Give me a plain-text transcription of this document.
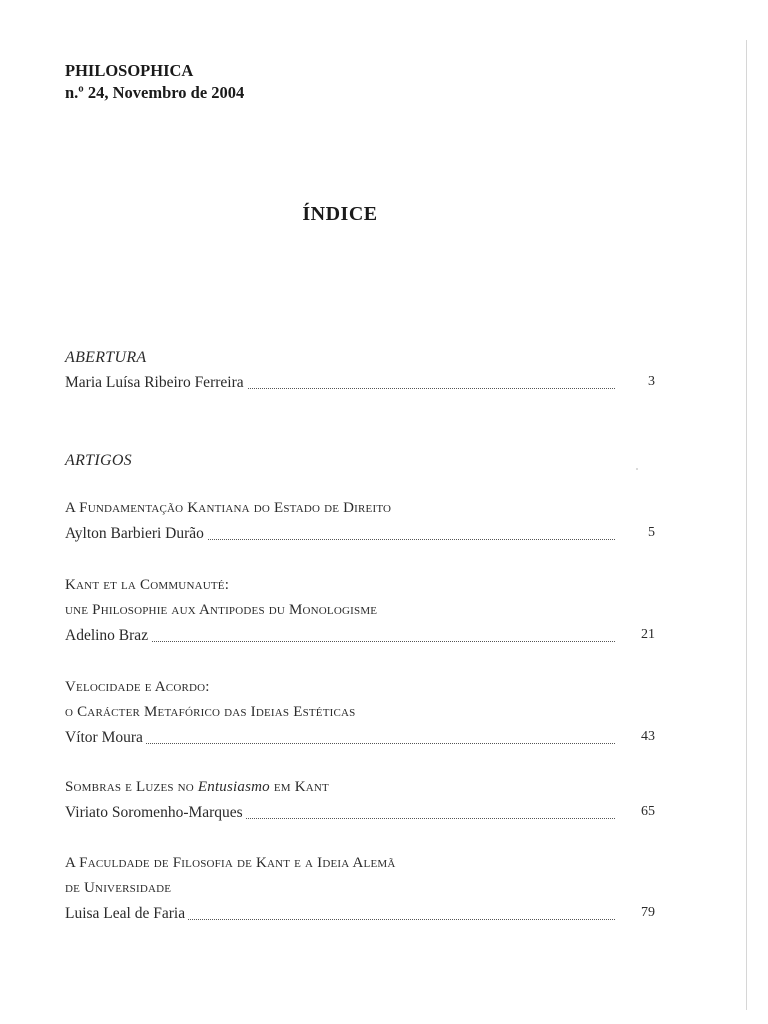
PHILOSOPHICA
n.º 24, Novembro de 2004
ÍNDICE
ABERTURA
Maria Luísa Ribeiro Ferreira	3
ARTIGOS
A Fundamentação Kantiana do Estado de Direito
Aylton Barbieri Durão	5
Kant et la Communauté:
une Philosophie aux Antipodes du Monologisme
Adelino Braz	21
Velocidade e Acordo:
o Carácter Metafórico das Ideias Estéticas
Vítor Moura	43
Sombras e Luzes no Entusiasmo em Kant
Viriato Soromenho-Marques	65
A Faculdade de Filosofia de Kant e a Ideia Alemã
de Universidade
Luisa Leal de Faria	79
